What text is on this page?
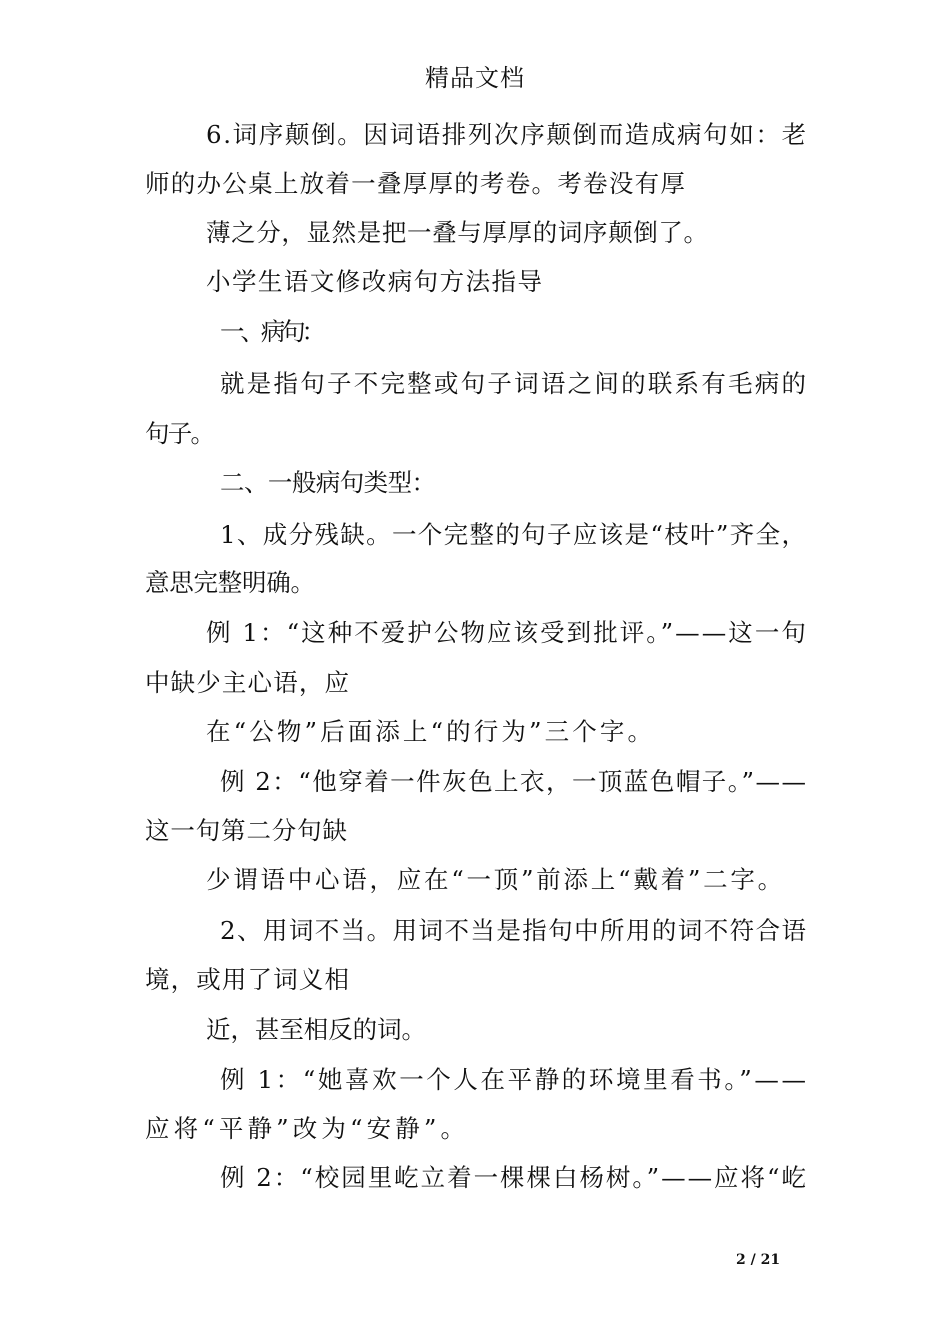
精品文档
6.词序颠倒。因词语排列次序颠倒而造成病句如：老
师的办公桌上放着一叠厚厚的考卷。考卷没有厚
薄之分，显然是把一叠与厚厚的词序颠倒了。
小学生语文修改病句方法指导
一、病句：
就是指句子不完整或句子词语之间的联系有毛病的
句子。
二、一般病句类型：
1、成分残缺。一个完整的句子应该是“枝叶”齐全，
意思完整明确。
例 1：“这种不爱护公物应该受到批评。”——这一句
中缺少主心语，应
在“公物”后面添上“的行为”三个字。
例 2：“他穿着一件灰色上衣，一顶蓝色帽子。”——
这一句第二分句缺
少谓语中心语，应在“一顶”前添上“戴着”二字。
2、用词不当。用词不当是指句中所用的词不符合语
境，或用了词义相
近，甚至相反的词。
例 1：“她喜欢一个人在平静的环境里看书。”——
应将“平静”改为“安静”。
例 2：“校园里屹立着一棵棵白杨树。”——应将“屹
2 / 21
